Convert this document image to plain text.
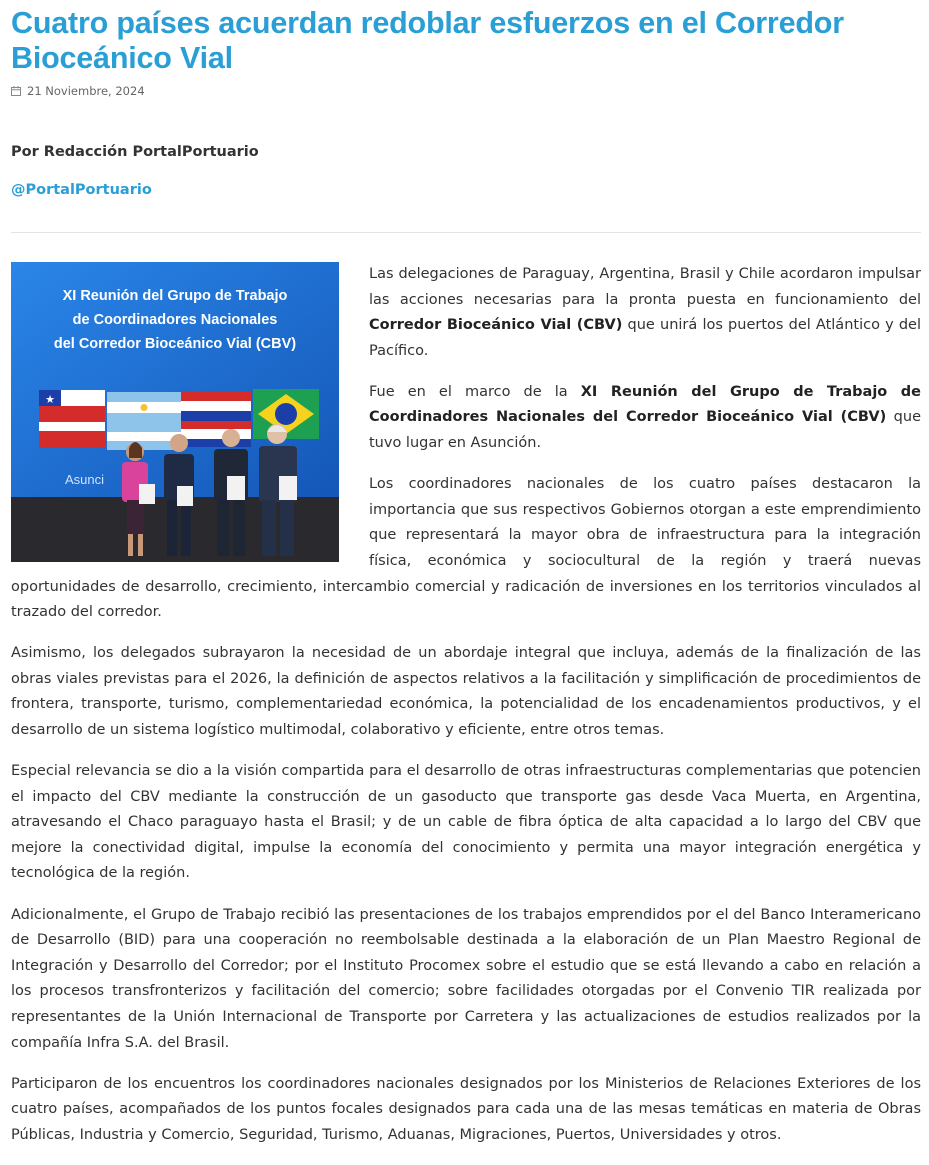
Cuatro países acuerdan redoblar esfuerzos en el Corredor Bioceánico Vial
21 Noviembre, 2024
Por Redacción PortalPortuario
@PortalPortuario
XI Reunión del Grupo de Trabajo
de Coordinadores Nacionales
del Corredor Bioceánico Vial (CBV)
★
Asunci

Las delegaciones de Paraguay, Argentina, Brasil y Chile acordaron impulsar las acciones necesarias para la pronta puesta en funcionamiento del Corredor Bioceánico Vial (CBV) que unirá los puertos del Atlántico y del Pacífico.

Fue en el marco de la XI Reunión del Grupo de Trabajo de Coordinadores Nacionales del Corredor Bioceánico Vial (CBV) que tuvo lugar en Asunción.

Los coordinadores nacionales de los cuatro países destacaron la importancia que sus respectivos Gobiernos otorgan a este emprendimiento que representará la mayor obra de infraestructura para la integración física, económica y sociocultural de la región y traerá nuevas oportunidades de desarrollo, crecimiento, intercambio comercial y radicación de inversiones en los territorios vinculados al trazado del corredor.

Asimismo, los delegados subrayaron la necesidad de un abordaje integral que incluya, además de la finalización de las obras viales previstas para el 2026, la definición de aspectos relativos a la facilitación y simplificación de procedimientos de frontera, transporte, turismo, complementariedad económica, la potencialidad de los encadenamientos productivos, y el desarrollo de un sistema logístico multimodal, colaborativo y eficiente, entre otros temas.

Especial relevancia se dio a la visión compartida para el desarrollo de otras infraestructuras complementarias que potencien el impacto del CBV mediante la construcción de un gasoducto que transporte gas desde Vaca Muerta, en Argentina, atravesando el Chaco paraguayo hasta el Brasil; y de un cable de fibra óptica de alta capacidad a lo largo del CBV que mejore la conectividad digital, impulse la economía del conocimiento y permita una mayor integración energética y tecnológica de la región.

Adicionalmente, el Grupo de Trabajo recibió las presentaciones de los trabajos emprendidos por el del Banco Interamericano de Desarrollo (BID) para una cooperación no reembolsable destinada a la elaboración de un Plan Maestro Regional de Integración y Desarrollo del Corredor; por el Instituto Procomex sobre el estudio que se está llevando a cabo en relación a los procesos transfronterizos y facilitación del comercio; sobre facilidades otorgadas por el Convenio TIR realizada por representantes de la Unión Internacional de Transporte por Carretera y las actualizaciones de estudios realizados por la compañía Infra S.A. del Brasil.

Participaron de los encuentros los coordinadores nacionales designados por los Ministerios de Relaciones Exteriores de los cuatro países, acompañados de los puntos focales designados para cada una de las mesas temáticas en materia de Obras Públicas, Industria y Comercio, Seguridad, Turismo, Aduanas, Migraciones, Puertos, Universidades y otros.
